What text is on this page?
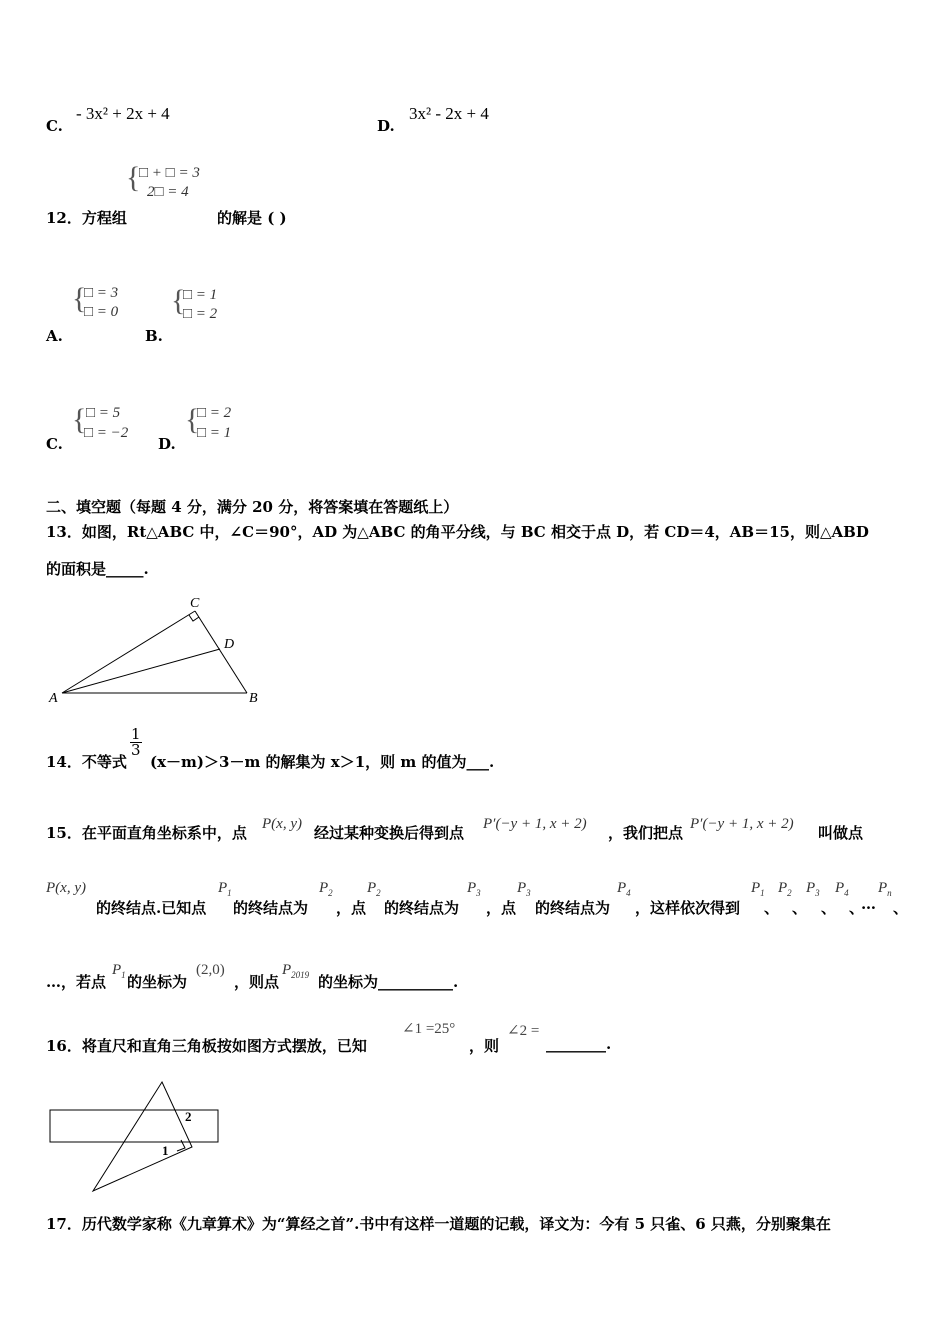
C.
- 3x² + 2x + 4
D.
3x² - 2x + 4
{
□ + □ = 3
2□ = 4
12．方程组	的解是 ( )
{
□ = 3
□ = 0
A.
{
□ = 1
□ = 2
B.
{ □ = 5
□ = −2
C.
{
□ = 2
□ = 1
D.
二、填空题（每题 4 分，满分 20 分，将答案填在答题纸上）
13．如图，Rt△ABC 中，∠C＝90°，AD 为△ABC 的角平分线，与 BC 相交于点 D，若 CD＝4，AB＝15，则△ABD
的面积是_____.
C
D
A	B
14．不等式
$\frac{1}{3}$
(x－m)＞3－m 的解集为 x＞1，则 m 的值为___.
15．在平面直角坐标系中，点 P(x, y) 经过某种变换后得到点 P′(−y + 1, x + 2) ，我们把点 P′(−y + 1, x + 2) 叫做点
P(x, y)
的终结点.已知点
$P_1$
的终结点为
$P_2$
，点
$P_2$
的终结点为
$P_3$
，点
$P_3$
的终结点为
$P_4$
，这样依次得到
$P_1$
、
$P_2$
、
$P_3$
、
$P_4$
、
…
$P_n$
、
…，若点
$P_1$ 的坐标为
(2,0)
，则点
$P_{2019}$ 的坐标为__________.
16．将直尺和直角三角板按如图方式摆放，已知
∠1 =25°
，则
∠2 =
________.
2
1
17．历代数学家称《九章算术》为“算经之首”.书中有这样一道题的记载，译文为：今有 5 只雀、6 只燕，分别聚集在
